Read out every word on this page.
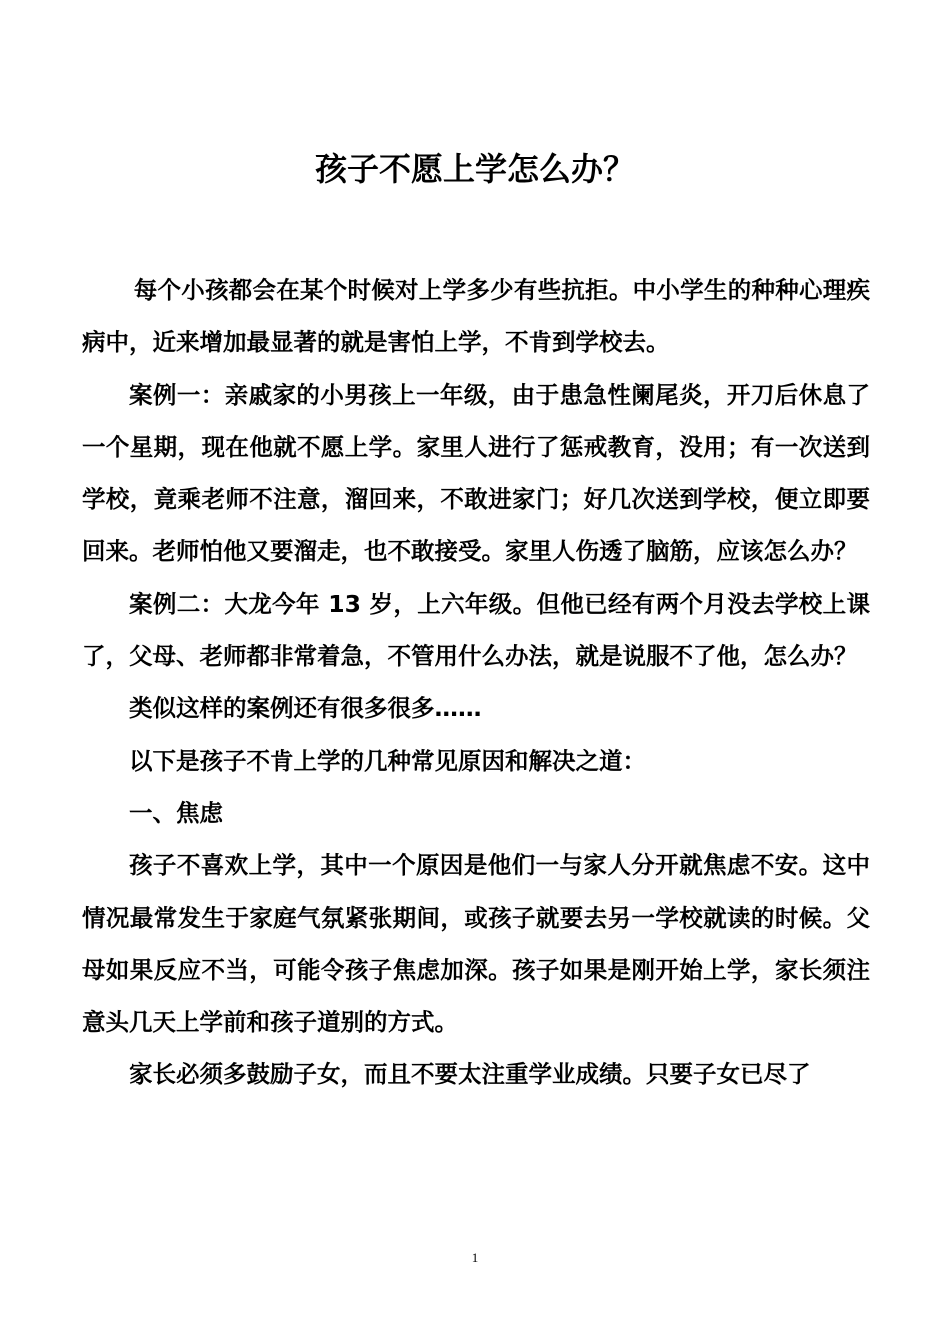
孩子不愿上学怎么办？

每个小孩都会在某个时候对上学多少有些抗拒。中小学生的种种心理疾病中，近来增加最显著的就是害怕上学，不肯到学校去。

案例一：亲戚家的小男孩上一年级，由于患急性阑尾炎，开刀后休息了一个星期，现在他就不愿上学。家里人进行了惩戒教育，没用；有一次送到学校，竟乘老师不注意，溜回来，不敢进家门；好几次送到学校，便立即要回来。老师怕他又要溜走，也不敢接受。家里人伤透了脑筋，应该怎么办？

案例二：大龙今年 13 岁，上六年级。但他已经有两个月没去学校上课了，父母、老师都非常着急，不管用什么办法，就是说服不了他，怎么办？

类似这样的案例还有很多很多……

以下是孩子不肯上学的几种常见原因和解决之道：

一、焦虑

孩子不喜欢上学，其中一个原因是他们一与家人分开就焦虑不安。这中情况最常发生于家庭气氛紧张期间，或孩子就要去另一学校就读的时候。父母如果反应不当，可能令孩子焦虑加深。孩子如果是刚开始上学，家长须注意头几天上学前和孩子道别的方式。

家长必须多鼓励子女，而且不要太注重学业成绩。只要子女已尽了

1
